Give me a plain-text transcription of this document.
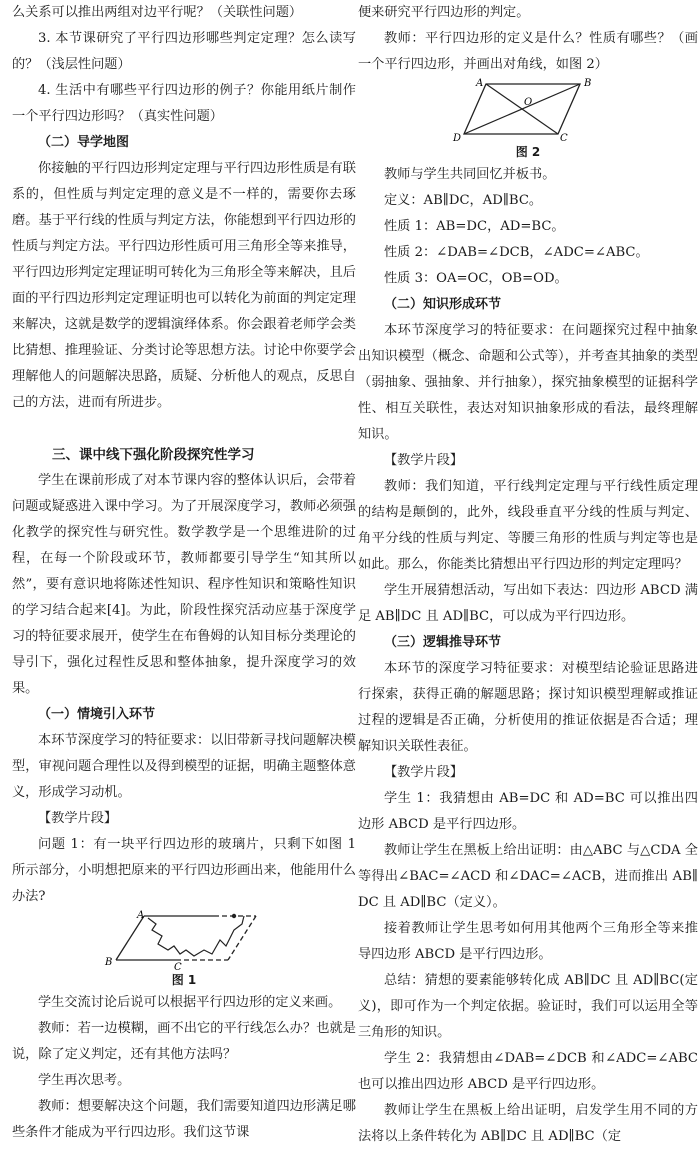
么关系可以推出两组对边平行呢？（关联性问题）

3. 本节课研究了平行四边形哪些判定定理？怎么读写的？（浅层性问题）

4. 生活中有哪些平行四边形的例子？你能用纸片制作一个平行四边形吗？（真实性问题）

（二）导学地图

你接触的平行四边形判定定理与平行四边形性质是有联系的，但性质与判定定理的意义是不一样的，需要你去琢磨。基于平行线的性质与判定方法，你能想到平行四边形的性质与判定方法。平行四边形性质可用三角形全等来推导，平行四边形判定定理证明可转化为三角形全等来解决，且后面的平行四边形判定定理证明也可以转化为前面的判定定理来解决，这就是数学的逻辑演绎体系。你会跟着老师学会类比猜想、推理验证、分类讨论等思想方法。讨论中你要学会理解他人的问题解决思路，质疑、分析他人的观点，反思自己的方法，进而有所进步。

三、课中线下强化阶段探究性学习

学生在课前形成了对本节课内容的整体认识后，会带着问题或疑惑进入课中学习。为了开展深度学习，教师必须强化教学的探究性与研究性。数学教学是一个思维进阶的过程，在每一个阶段或环节，教师都要引导学生“知其所以然”，要有意识地将陈述性知识、程序性知识和策略性知识的学习结合起来[4]。为此，阶段性探究活动应基于深度学习的特征要求展开，使学生在布鲁姆的认知目标分类理论的导引下，强化过程性反思和整体抽象，提升深度学习的效果。

（一）情境引入环节

本环节深度学习的特征要求：以旧带新寻找问题解决模型，审视问题合理性以及得到模型的证据，明确主题整体意义，形成学习动机。

【教学片段】

问题 1：有一块平行四边形的玻璃片，只剩下如图 1 所示部分，小明想把原来的平行四边形画出来，他能用什么办法?

A
B	C

图 1

学生交流讨论后说可以根据平行四边形的定义来画。

教师：若一边模糊，画不出它的平行线怎么办？也就是说，除了定义判定，还有其他方法吗？

学生再次思考。

教师：想要解决这个问题，我们需要知道四边形满足哪些条件才能成为平行四边形。我们这节课

便来研究平行四边形的判定。

教师：平行四边形的定义是什么？性质有哪些？（画一个平行四边形，并画出对角线，如图 2）

A	B
C
D
O

图 2

教师与学生共同回忆并板书。

定义：AB∥DC，AD∥BC。

性质 1：AB=DC，AD=BC。

性质 2：∠DAB=∠DCB，∠ADC=∠ABC。

性质 3：OA=OC，OB=OD。

（二）知识形成环节

本环节深度学习的特征要求：在问题探究过程中抽象出知识模型（概念、命题和公式等），并考查其抽象的类型（弱抽象、强抽象、并行抽象），探究抽象模型的证据科学性、相互关联性，表达对知识抽象形成的看法，最终理解知识。

【教学片段】

教师：我们知道，平行线判定定理与平行线性质定理的结构是颠倒的，此外，线段垂直平分线的性质与判定、角平分线的性质与判定、等腰三角形的性质与判定等也是如此。那么，你能类比猜想出平行四边形的判定定理吗？

学生开展猜想活动，写出如下表达：四边形 ABCD 满足 AB∥DC 且 AD∥BC，可以成为平行四边形。

（三）逻辑推导环节

本环节的深度学习特征要求：对模型结论验证思路进行探索，获得正确的解题思路；探讨知识模型理解或推证过程的逻辑是否正确，分析使用的推证依据是否合适；理解知识关联性表征。

【教学片段】

学生 1：我猜想由 AB=DC 和 AD=BC 可以推出四边形 ABCD 是平行四边形。

教师让学生在黑板上给出证明：由△ABC 与△CDA 全等得出∠BAC=∠ACD 和∠DAC=∠ACB，进而推出 AB∥DC 且 AD∥BC（定义）。

接着教师让学生思考如何用其他两个三角形全等来推导四边形 ABCD 是平行四边形。

总结：猜想的要素能够转化成 AB∥DC 且 AD∥BC(定义)，即可作为一个判定依据。验证时，我们可以运用全等三角形的知识。

学生 2：我猜想由∠DAB=∠DCB 和∠ADC=∠ABC 也可以推出四边形 ABCD 是平行四边形。

教师让学生在黑板上给出证明，启发学生用不同的方法将以上条件转化为 AB∥DC 且 AD∥BC（定
